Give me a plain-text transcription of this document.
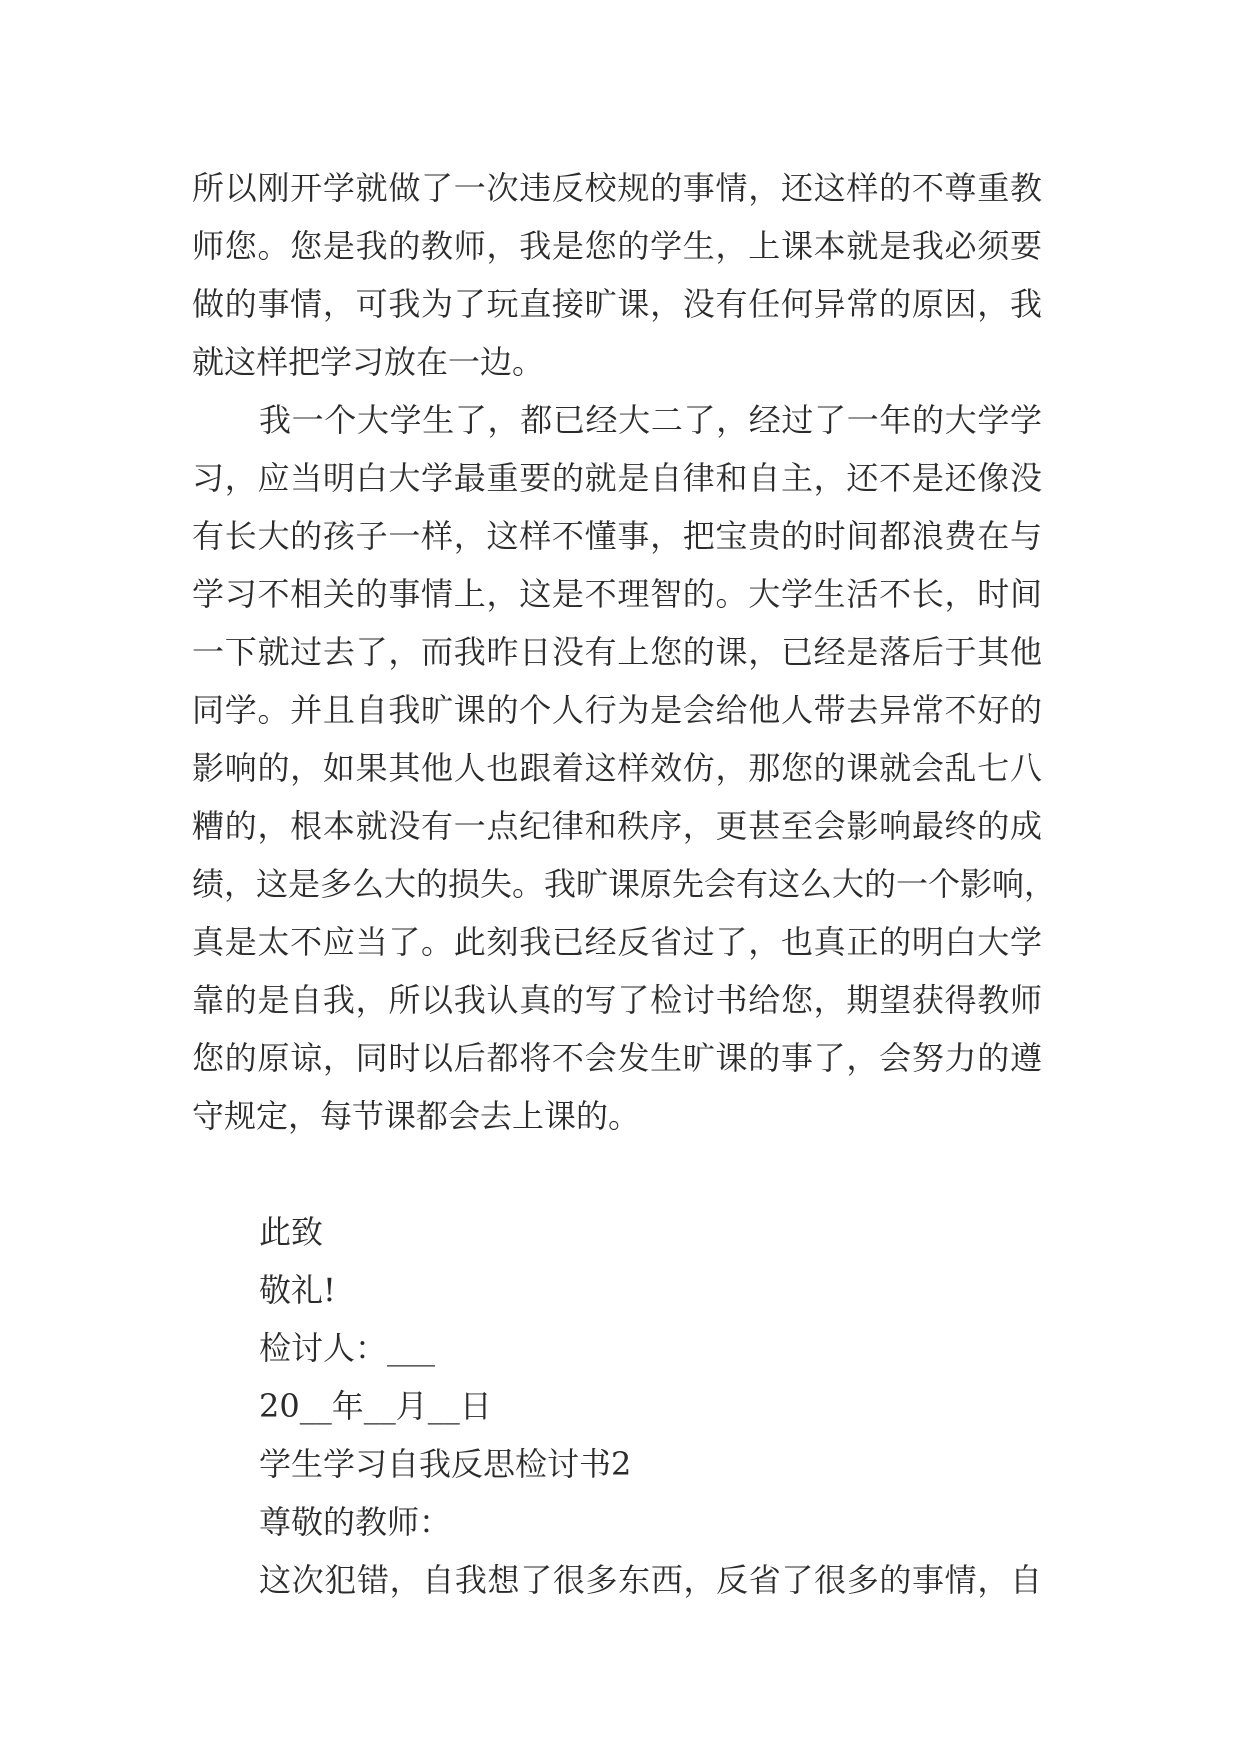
所以刚开学就做了一次违反校规的事情，还这样的不尊重教
师您。您是我的教师，我是您的学生，上课本就是我必须要
做的事情，可我为了玩直接旷课，没有任何异常的原因，我
就这样把学习放在一边。
我一个大学生了，都已经大二了，经过了一年的大学学
习，应当明白大学最重要的就是自律和自主，还不是还像没
有长大的孩子一样，这样不懂事，把宝贵的时间都浪费在与
学习不相关的事情上，这是不理智的。大学生活不长，时间
一下就过去了，而我昨日没有上您的课，已经是落后于其他
同学。并且自我旷课的个人行为是会给他人带去异常不好的
影响的，如果其他人也跟着这样效仿，那您的课就会乱七八
糟的，根本就没有一点纪律和秩序，更甚至会影响最终的成
绩，这是多么大的损失。我旷课原先会有这么大的一个影响，
真是太不应当了。此刻我已经反省过了，也真正的明白大学
靠的是自我，所以我认真的写了检讨书给您，期望获得教师
您的原谅，同时以后都将不会发生旷课的事了，会努力的遵
守规定，每节课都会去上课的。
此致
敬礼!
检讨人：___
20__年__月__日
学生学习自我反思检讨书2
尊敬的教师：
这次犯错，自我想了很多东西，反省了很多的事情，自
